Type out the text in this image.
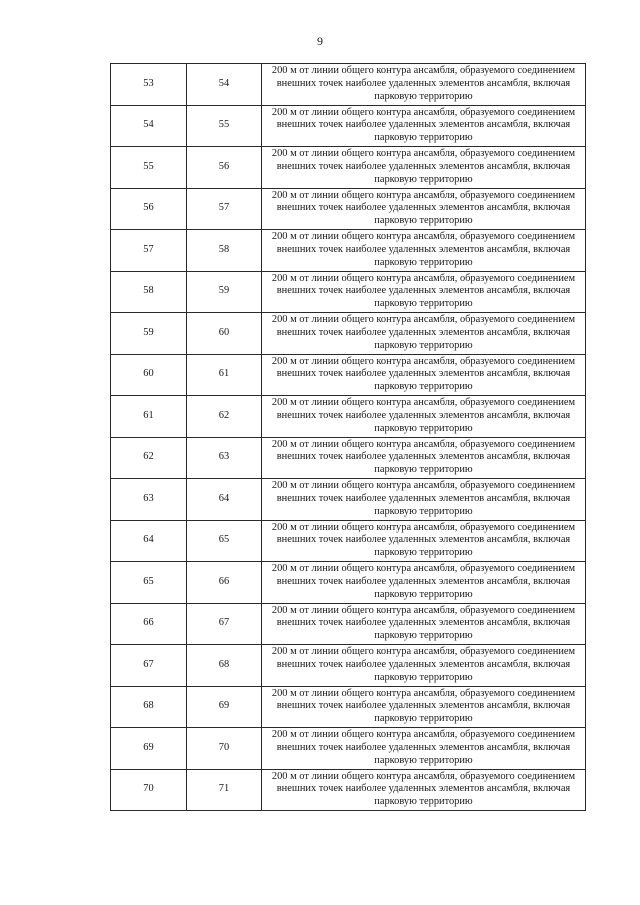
9
53	54	200 м от линии общего контура ансамбля, образуемого соединением внешних точек наиболее удаленных элементов ансамбля, включая парковую территорию
54	55	200 м от линии общего контура ансамбля, образуемого соединением внешних точек наиболее удаленных элементов ансамбля, включая парковую территорию
55	56	200 м от линии общего контура ансамбля, образуемого соединением внешних точек наиболее удаленных элементов ансамбля, включая парковую территорию
56	57	200 м от линии общего контура ансамбля, образуемого соединением внешних точек наиболее удаленных элементов ансамбля, включая парковую территорию
57	58	200 м от линии общего контура ансамбля, образуемого соединением внешних точек наиболее удаленных элементов ансамбля, включая парковую территорию
58	59	200 м от линии общего контура ансамбля, образуемого соединением внешних точек наиболее удаленных элементов ансамбля, включая парковую территорию
59	60	200 м от линии общего контура ансамбля, образуемого соединением внешних точек наиболее удаленных элементов ансамбля, включая парковую территорию
60	61	200 м от линии общего контура ансамбля, образуемого соединением внешних точек наиболее удаленных элементов ансамбля, включая парковую территорию
61	62	200 м от линии общего контура ансамбля, образуемого соединением внешних точек наиболее удаленных элементов ансамбля, включая парковую территорию
62	63	200 м от линии общего контура ансамбля, образуемого соединением внешних точек наиболее удаленных элементов ансамбля, включая парковую территорию
63	64	200 м от линии общего контура ансамбля, образуемого соединением внешних точек наиболее удаленных элементов ансамбля, включая парковую территорию
64	65	200 м от линии общего контура ансамбля, образуемого соединением внешних точек наиболее удаленных элементов ансамбля, включая парковую территорию
65	66	200 м от линии общего контура ансамбля, образуемого соединением внешних точек наиболее удаленных элементов ансамбля, включая парковую территорию
66	67	200 м от линии общего контура ансамбля, образуемого соединением внешних точек наиболее удаленных элементов ансамбля, включая парковую территорию
67	68	200 м от линии общего контура ансамбля, образуемого соединением внешних точек наиболее удаленных элементов ансамбля, включая парковую территорию
68	69	200 м от линии общего контура ансамбля, образуемого соединением внешних точек наиболее удаленных элементов ансамбля, включая парковую территорию
69	70	200 м от линии общего контура ансамбля, образуемого соединением внешних точек наиболее удаленных элементов ансамбля, включая парковую территорию
70	71	200 м от линии общего контура ансамбля, образуемого соединением внешних точек наиболее удаленных элементов ансамбля, включая парковую территорию
